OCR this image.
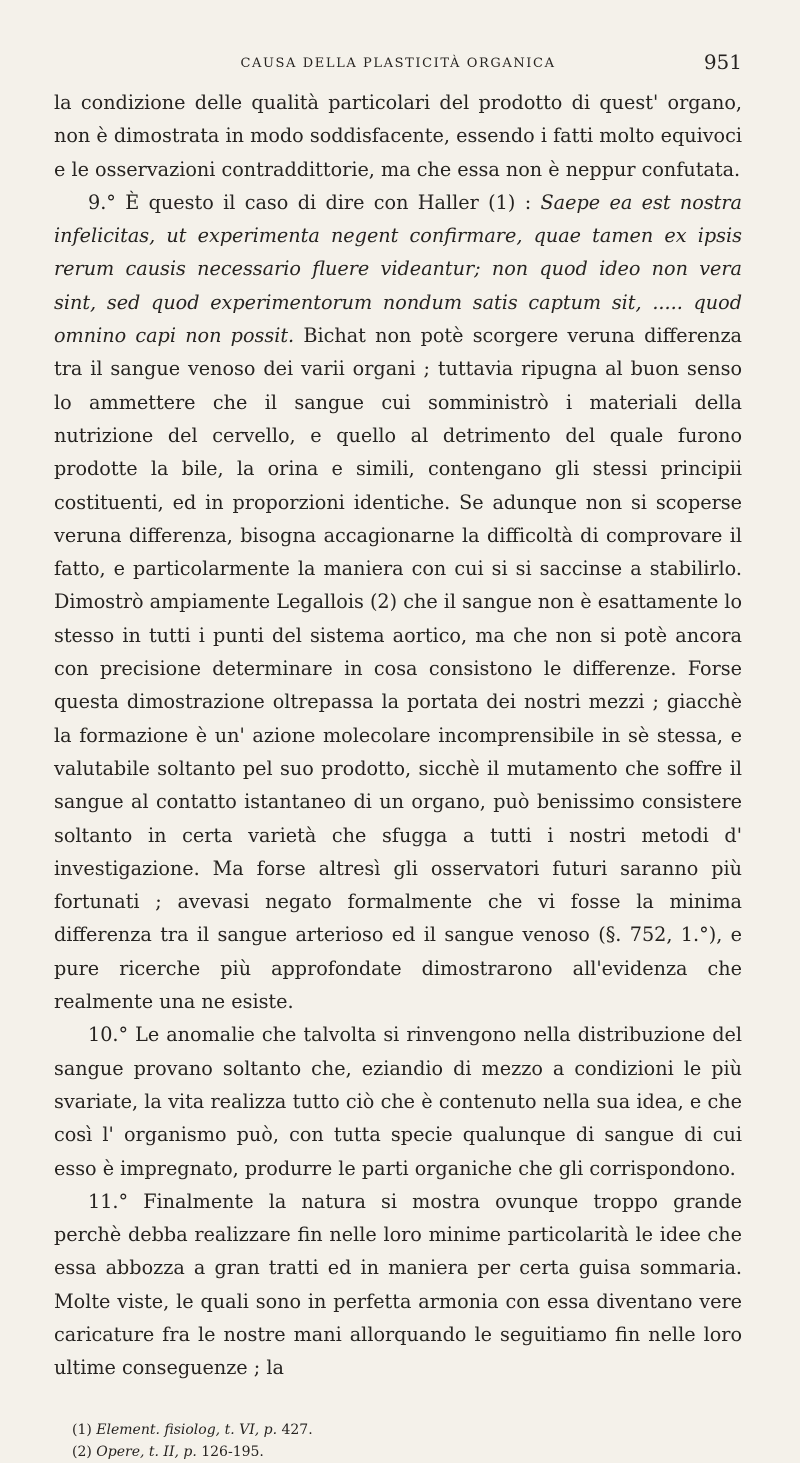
CAUSA DELLA PLASTICITÀ ORGANICA	951

la condizione delle qualità particolari del prodotto di quest' organo, non è dimostrata in modo soddisfacente, essendo i fatti molto equivoci e le osservazioni contraddittorie, ma che essa non è neppur confutata.

9.° È questo il caso di dire con Haller (1) : Saepe ea est nostra infelicitas, ut experimenta negent confirmare, quae tamen ex ipsis rerum causis necessario fluere videantur; non quod ideo non vera sint, sed quod experimentorum nondum satis captum sit, ..... quod omnino capi non possit. Bichat non potè scorgere veruna differenza tra il sangue venoso dei varii organi ; tuttavia ripugna al buon senso lo ammettere che il sangue cui somministrò i materiali della nutrizione del cervello, e quello al detrimento del quale furono prodotte la bile, la orina e simili, contengano gli stessi principii costituenti, ed in proporzioni identiche. Se adunque non si scoperse veruna differenza, bisogna accagionarne la difficoltà di comprovare il fatto, e particolarmente la maniera con cui si si saccinse a stabilirlo. Dimostrò ampiamente Legallois (2) che il sangue non è esattamente lo stesso in tutti i punti del sistema aortico, ma che non si potè ancora con precisione determinare in cosa consistono le differenze. Forse questa dimostrazione oltrepassa la portata dei nostri mezzi ; giacchè la formazione è un' azione molecolare incomprensibile in sè stessa, e valutabile soltanto pel suo prodotto, sicchè il mutamento che soffre il sangue al contatto istantaneo di un organo, può benissimo consistere soltanto in certa varietà che sfugga a tutti i nostri metodi d' investigazione. Ma forse altresì gli osservatori futuri saranno più fortunati ; avevasi negato formalmente che vi fosse la minima differenza tra il sangue arterioso ed il sangue venoso (§. 752, 1.°), e pure ricerche più approfondate dimostrarono all'evidenza che realmente una ne esiste.

10.° Le anomalie che talvolta si rinvengono nella distribuzione del sangue provano soltanto che, eziandio di mezzo a condizioni le più svariate, la vita realizza tutto ciò che è contenuto nella sua idea, e che così l' organismo può, con tutta specie qualunque di sangue di cui esso è impregnato, produrre le parti organiche che gli corrispondono.

11.° Finalmente la natura si mostra ovunque troppo grande perchè debba realizzare fin nelle loro minime particolarità le idee che essa abbozza a gran tratti ed in maniera per certa guisa sommaria. Molte viste, le quali sono in perfetta armonia con essa diventano vere caricature fra le nostre mani allorquando le seguitiamo fin nelle loro ultime conseguenze ; la

(1) Element. fisiolog, t. VI, p. 427.

(2) Opere, t. II, p. 126-195.
